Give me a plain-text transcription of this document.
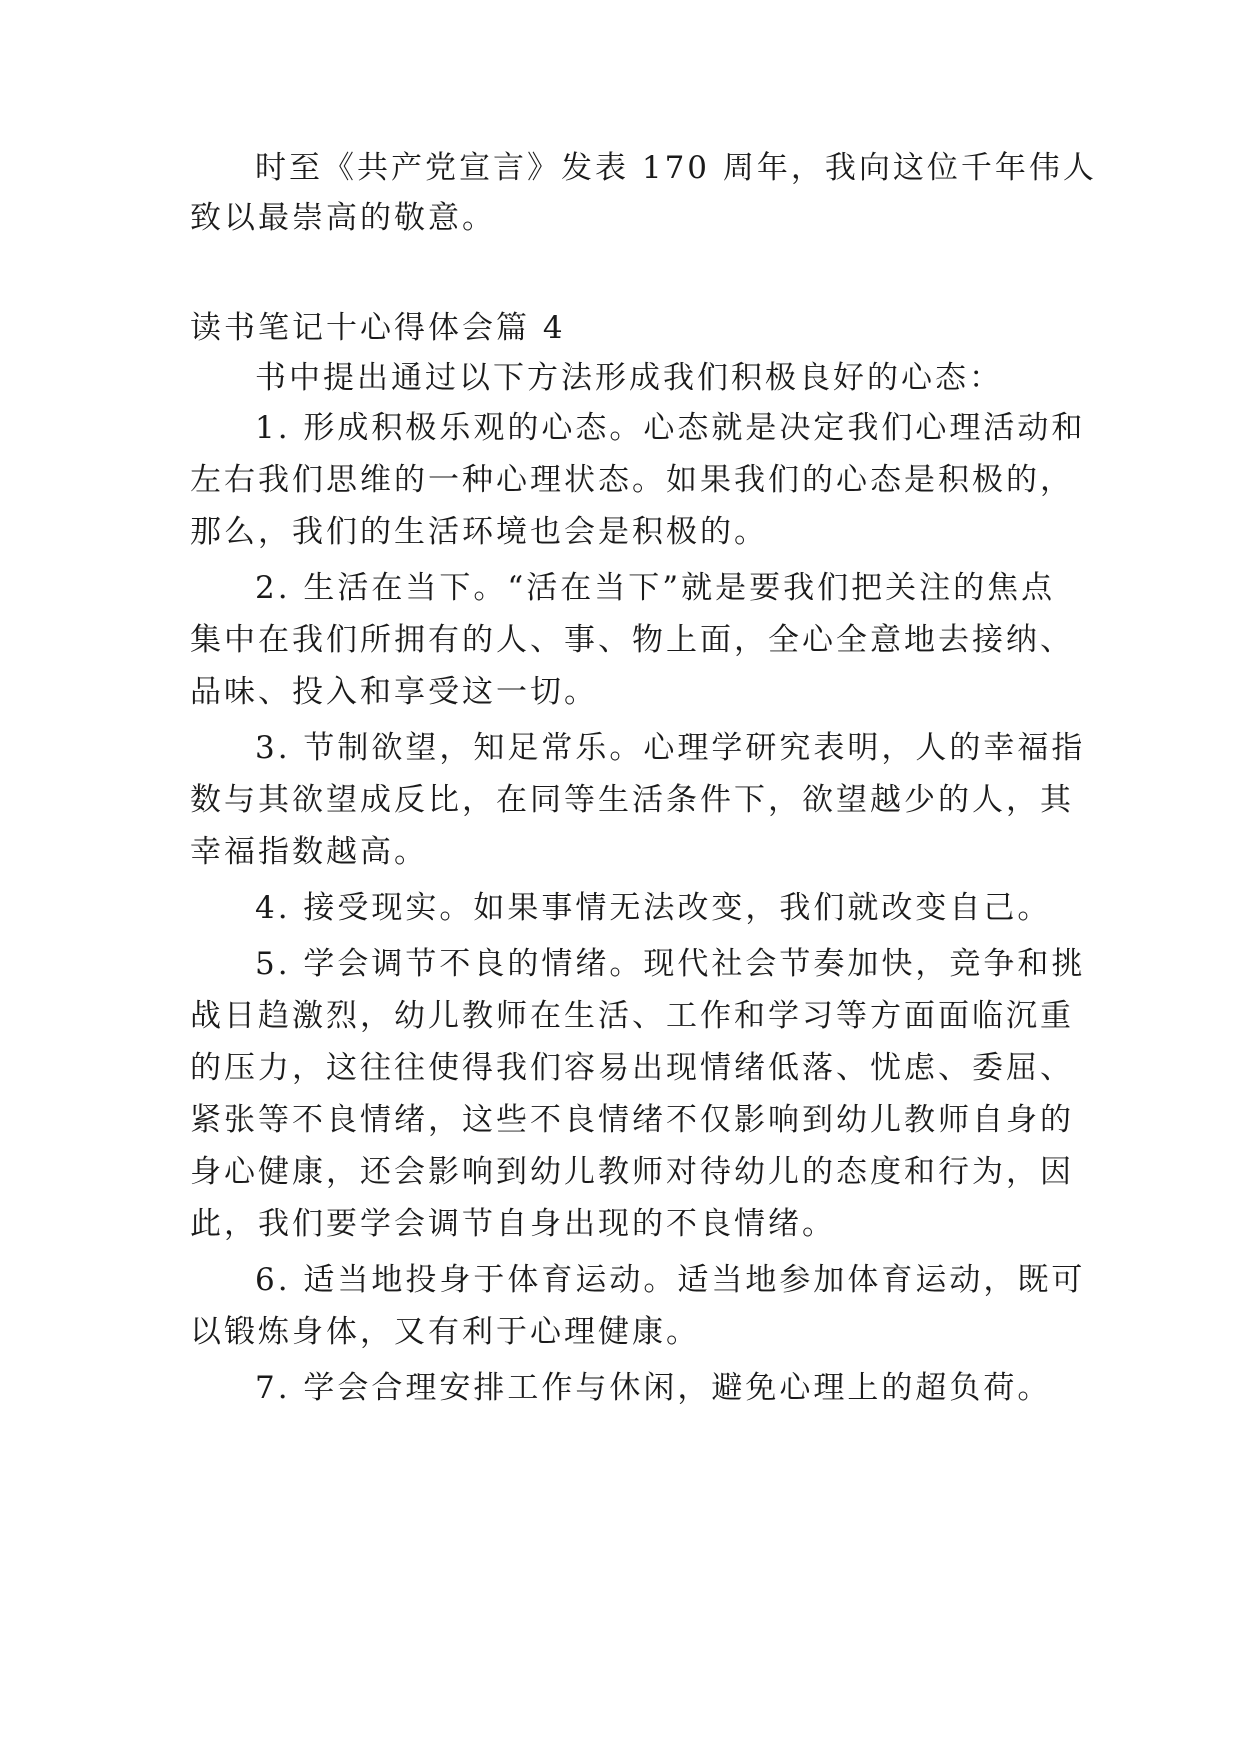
时至《共产党宣言》发表 170 周年，我向这位千年伟人
致以最崇高的敬意。
读书笔记十心得体会篇 4
书中提出通过以下方法形成我们积极良好的心态：
1. 形成积极乐观的心态。心态就是决定我们心理活动和
左右我们思维的一种心理状态。如果我们的心态是积极的，
那么，我们的生活环境也会是积极的。
2. 生活在当下。“活在当下”就是要我们把关注的焦点
集中在我们所拥有的人、事、物上面，全心全意地去接纳、
品味、投入和享受这一切。
3. 节制欲望，知足常乐。心理学研究表明，人的幸福指
数与其欲望成反比，在同等生活条件下，欲望越少的人，其
幸福指数越高。
4. 接受现实。如果事情无法改变，我们就改变自己。
5. 学会调节不良的情绪。现代社会节奏加快，竞争和挑
战日趋激烈，幼儿教师在生活、工作和学习等方面面临沉重
的压力，这往往使得我们容易出现情绪低落、忧虑、委屈、
紧张等不良情绪，这些不良情绪不仅影响到幼儿教师自身的
身心健康，还会影响到幼儿教师对待幼儿的态度和行为，因
此，我们要学会调节自身出现的不良情绪。
6. 适当地投身于体育运动。适当地参加体育运动，既可
以锻炼身体，又有利于心理健康。
7. 学会合理安排工作与休闲，避免心理上的超负荷。
